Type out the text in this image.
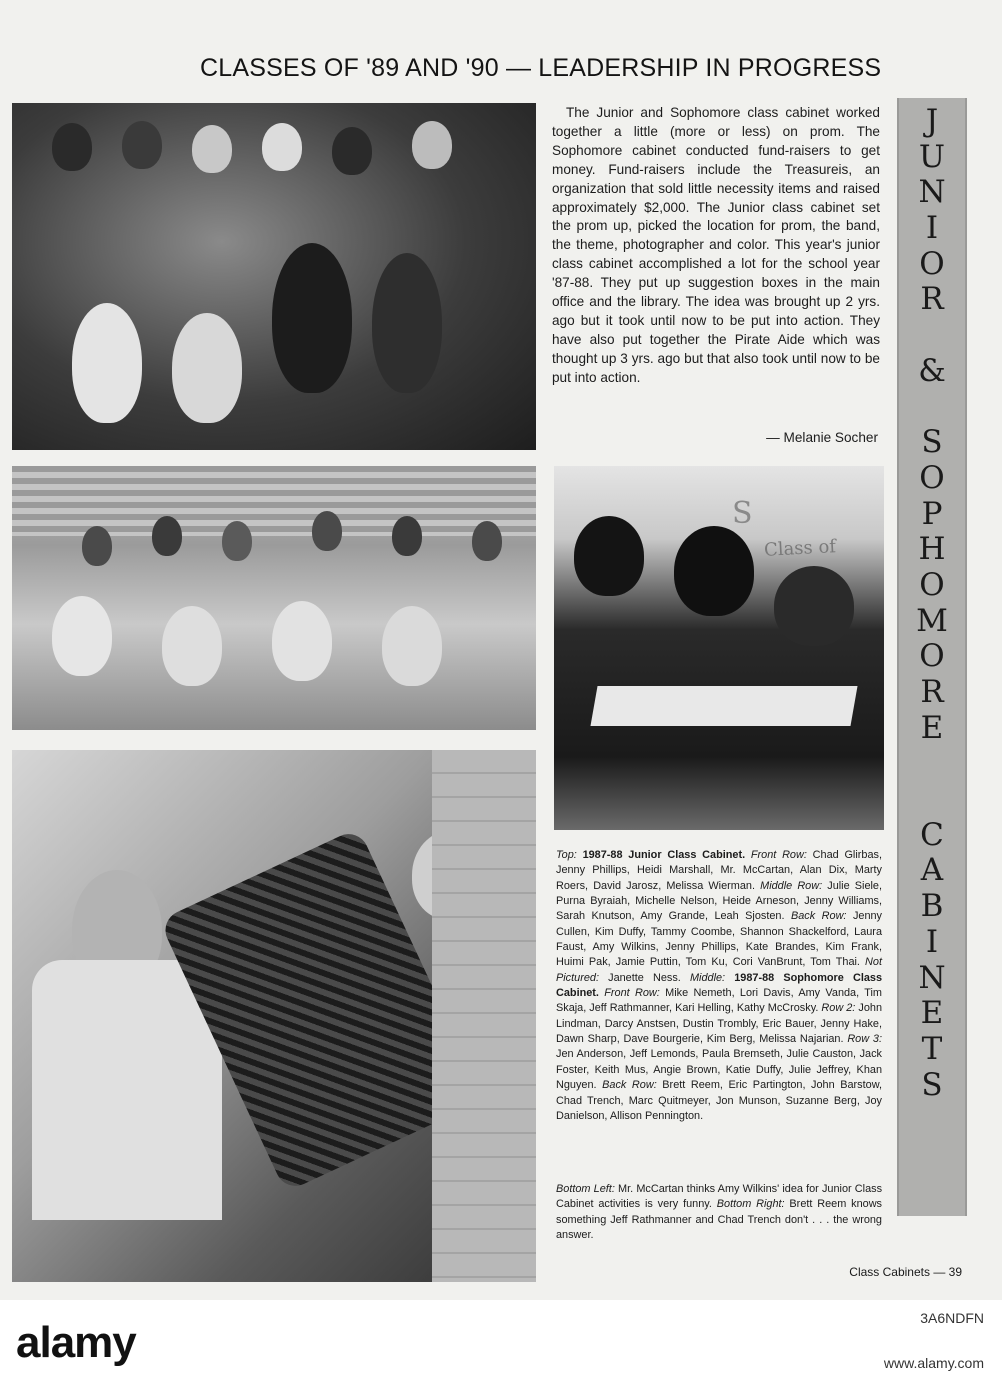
CLASSES OF '89 AND '90 — LEADERSHIP IN PROGRESS
The Junior and Sophomore class cabinet worked together a little (more or less) on prom. The Sophomore cabinet conducted fund-raisers to get money. Fund-raisers include the Treasureis, an organization that sold little necessity items and raised approximately $2,000. The Junior class cabinet set the prom up, picked the location for prom, the band, the theme, photographer and color. This year's junior class cabinet accomplished a lot for the school year '87-88. They put up suggestion boxes in the main office and the library. The idea was brought up 2 yrs. ago but it took until now to be put into action. They have also put together the Pirate Aide which was thought up 3 yrs. ago but that also took until now to be put into action.
— Melanie Socher
J
U
N
I
O
R
&
S
O
P
H
O
M
O
R
E
C
A
B
I
N
E
T
S
S
Class of
Top: 1987-88 Junior Class Cabinet. Front Row: Chad Glirbas, Jenny Phillips, Heidi Marshall, Mr. McCartan, Alan Dix, Marty Roers, David Jarosz, Melissa Wierman. Middle Row: Julie Siele, Purna Byraiah, Michelle Nelson, Heide Arneson, Jenny Williams, Sarah Knutson, Amy Grande, Leah Sjosten. Back Row: Jenny Cullen, Kim Duffy, Tammy Coombe, Shannon Shackelford, Laura Faust, Amy Wilkins, Jenny Phillips, Kate Brandes, Kim Frank, Huimi Pak, Jamie Puttin, Tom Ku, Cori VanBrunt, Tom Thai. Not Pictured: Janette Ness. Middle: 1987-88 Sophomore Class Cabinet. Front Row: Mike Nemeth, Lori Davis, Amy Vanda, Tim Skaja, Jeff Rathmanner, Kari Helling, Kathy McCrosky. Row 2: John Lindman, Darcy Anstsen, Dustin Trombly, Eric Bauer, Jenny Hake, Dawn Sharp, Dave Bourgerie, Kim Berg, Melissa Najarian. Row 3: Jen Anderson, Jeff Lemonds, Paula Bremseth, Julie Causton, Jack Foster, Keith Mus, Angie Brown, Katie Duffy, Julie Jeffrey, Khan Nguyen. Back Row: Brett Reem, Eric Partington, John Barstow, Chad Trench, Marc Quitmeyer, Jon Munson, Suzanne Berg, Joy Danielson, Allison Pennington.
Bottom Left: Mr. McCartan thinks Amy Wilkins' idea for Junior Class Cabinet activities is very funny. Bottom Right: Brett Reem knows something Jeff Rathmanner and Chad Trench don't . . . the wrong answer.
Class Cabinets — 39
alamy	3A6NDFN
www.alamy.com
